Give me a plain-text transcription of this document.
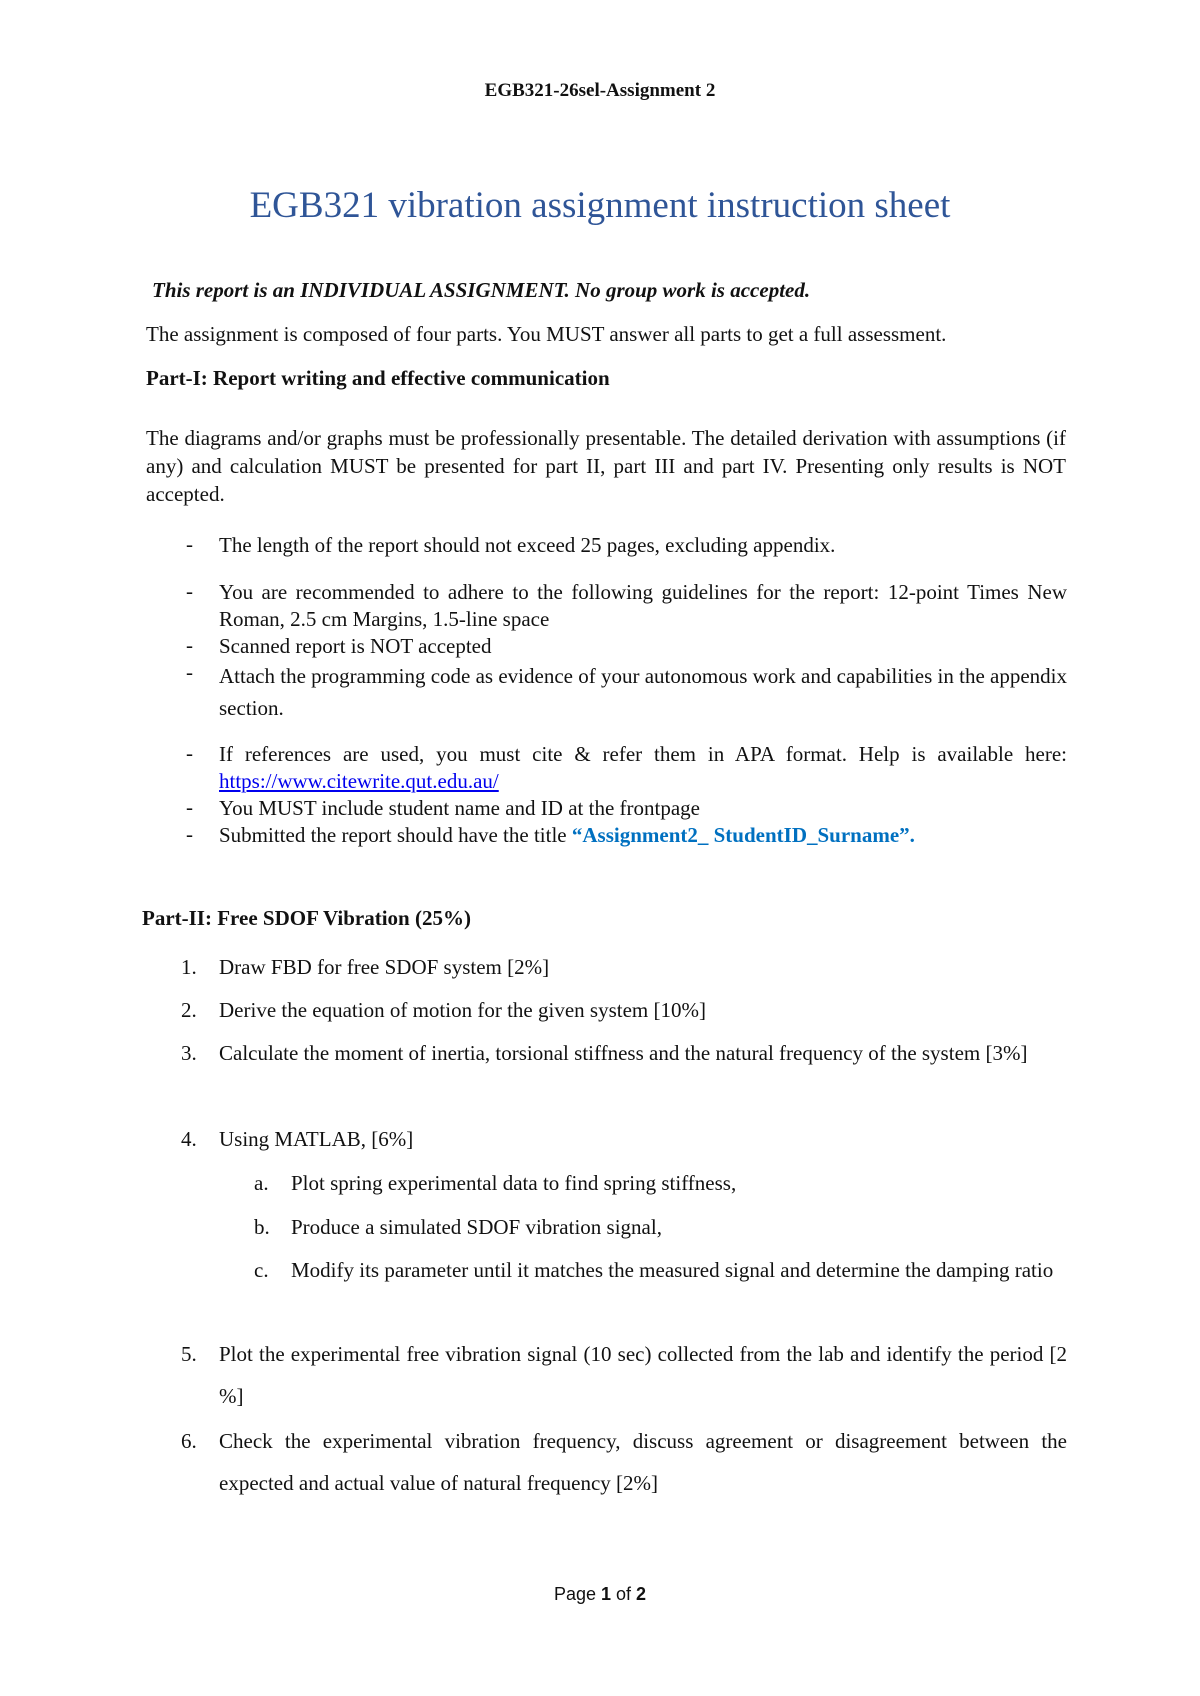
EGB321-26sel-Assignment 2
EGB321 vibration assignment instruction sheet
This report is an INDIVIDUAL ASSIGNMENT. No group work is accepted.
The assignment is composed of four parts. You MUST answer all parts to get a full assessment.
Part-I: Report writing and effective communication
The diagrams and/or graphs must be professionally presentable. The detailed derivation with assumptions (if any) and calculation MUST be presented for part II, part III and part IV. Presenting only results is NOT accepted.
- The length of the report should not exceed 25 pages, excluding appendix.
- You are recommended to adhere to the following guidelines for the report: 12-point Times New Roman, 2.5 cm Margins, 1.5-line space
- Scanned report is NOT accepted
- Attach the programming code as evidence of your autonomous work and capabilities in the appendix section.
- If references are used, you must cite & refer them in APA format. Help is available here: https://www.citewrite.qut.edu.au/
- You MUST include student name and ID at the frontpage
- Submitted the report should have the title “Assignment2_ StudentID_Surname”.
Part-II: Free SDOF Vibration (25%)
1. Draw FBD for free SDOF system [2%]
2. Derive the equation of motion for the given system [10%]
3. Calculate the moment of inertia, torsional stiffness and the natural frequency of the system [3%]
4. Using MATLAB, [6%]
a. Plot spring experimental data to find spring stiffness,
b. Produce a simulated SDOF vibration signal,
c. Modify its parameter until it matches the measured signal and determine the damping ratio
5. Plot the experimental free vibration signal (10 sec) collected from the lab and identify the period [2 %]
6. Check the experimental vibration frequency, discuss agreement or disagreement between the expected and actual value of natural frequency [2%]
Page 1 of 2
